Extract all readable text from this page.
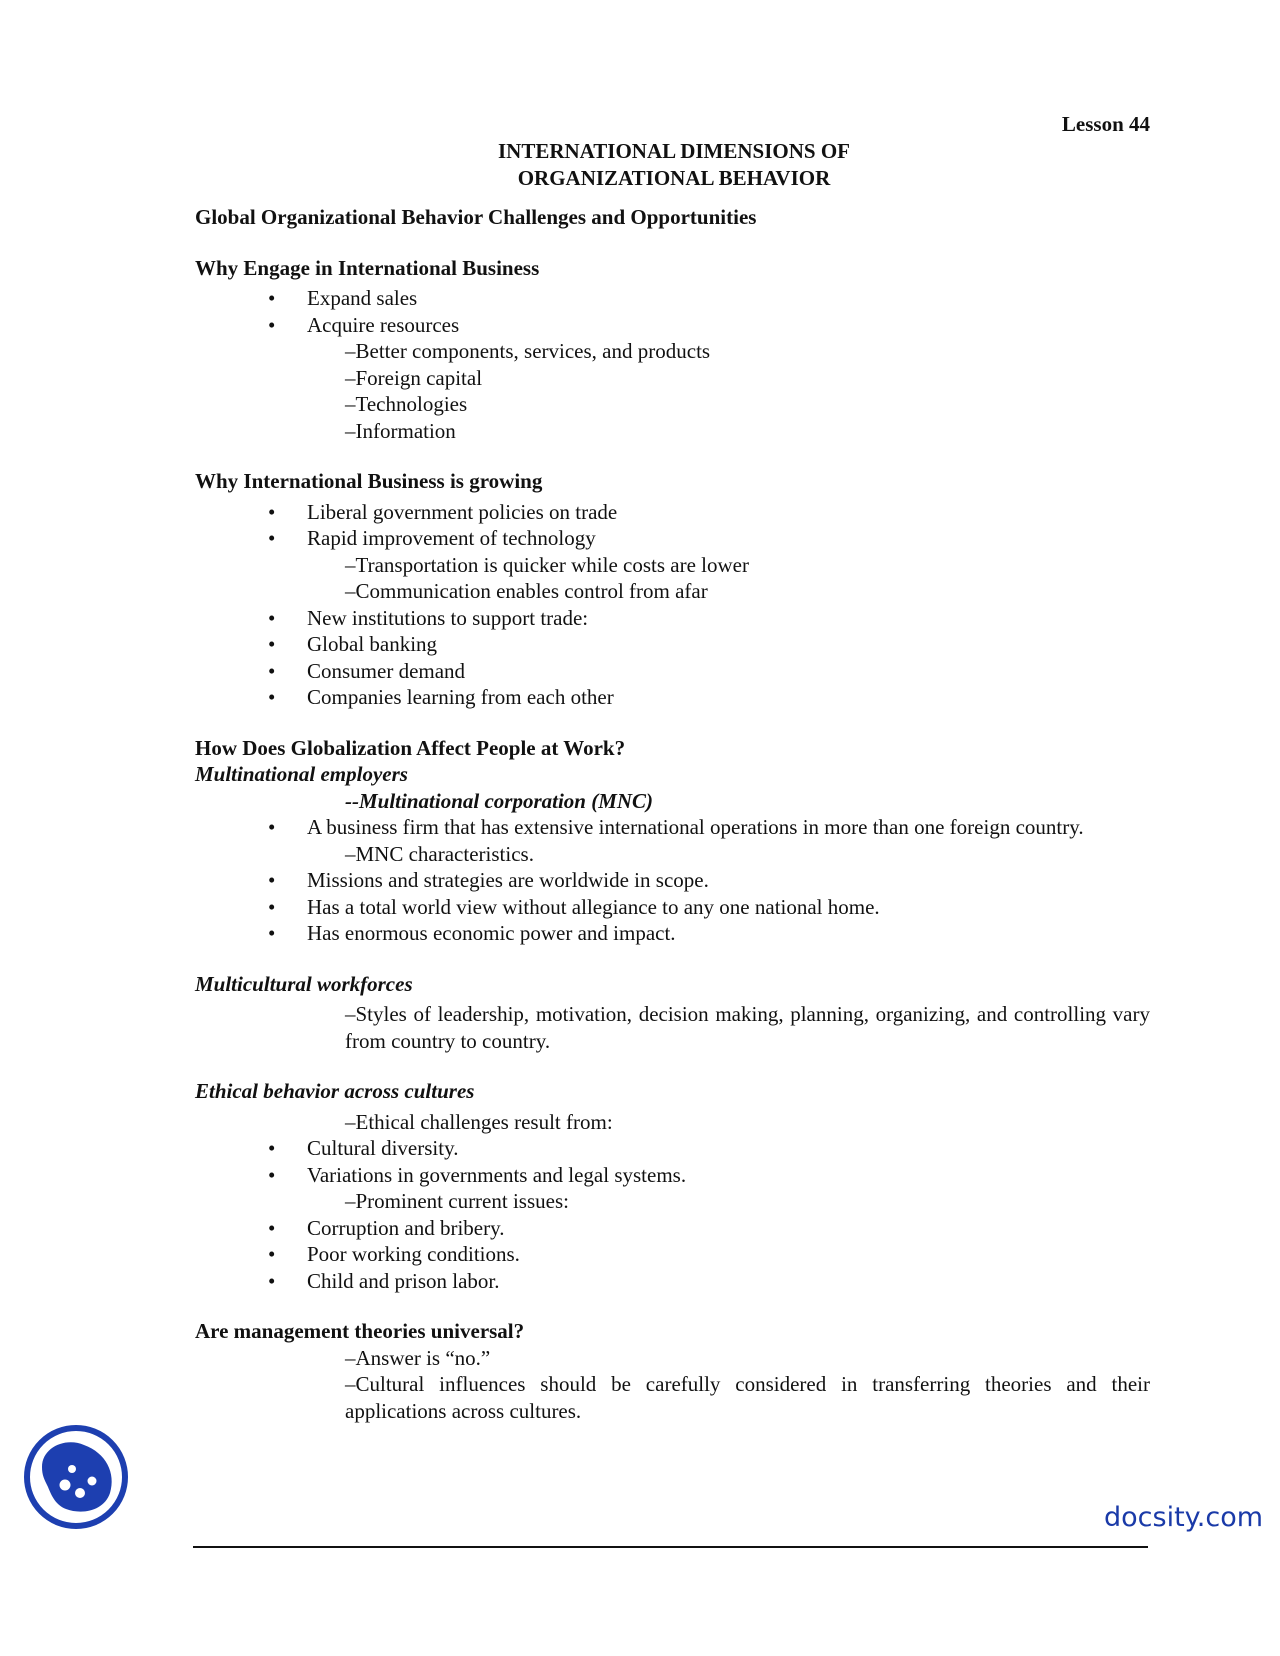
Lesson 44
INTERNATIONAL DIMENSIONS OF
ORGANIZATIONAL BEHAVIOR
Global Organizational Behavior Challenges and Opportunities
Why Engage in International Business
• Expand sales
• Acquire resources
–Better components, services, and products
–Foreign capital
–Technologies
–Information
Why International Business is growing
• Liberal government policies on trade
• Rapid improvement of technology
–Transportation is quicker while costs are lower
–Communication enables control from afar
• New institutions to support trade:
• Global banking
• Consumer demand
• Companies learning from each other
How Does Globalization Affect People at Work?
Multinational employers
--Multinational corporation (MNC)
• A business firm that has extensive international operations in more than one foreign country.
–MNC characteristics.
• Missions and strategies are worldwide in scope.
• Has a total world view without allegiance to any one national home.
• Has enormous economic power and impact.
Multicultural workforces
–Styles of leadership, motivation, decision making, planning, organizing, and controlling vary from country to country.
Ethical behavior across cultures
–Ethical challenges result from:
• Cultural diversity.
• Variations in governments and legal systems.
–Prominent current issues:
• Corruption and bribery.
• Poor working conditions.
• Child and prison labor.
Are management theories universal?
–Answer is “no.”
–Cultural influences should be carefully considered in transferring theories and their applications across cultures.
docsity.com
